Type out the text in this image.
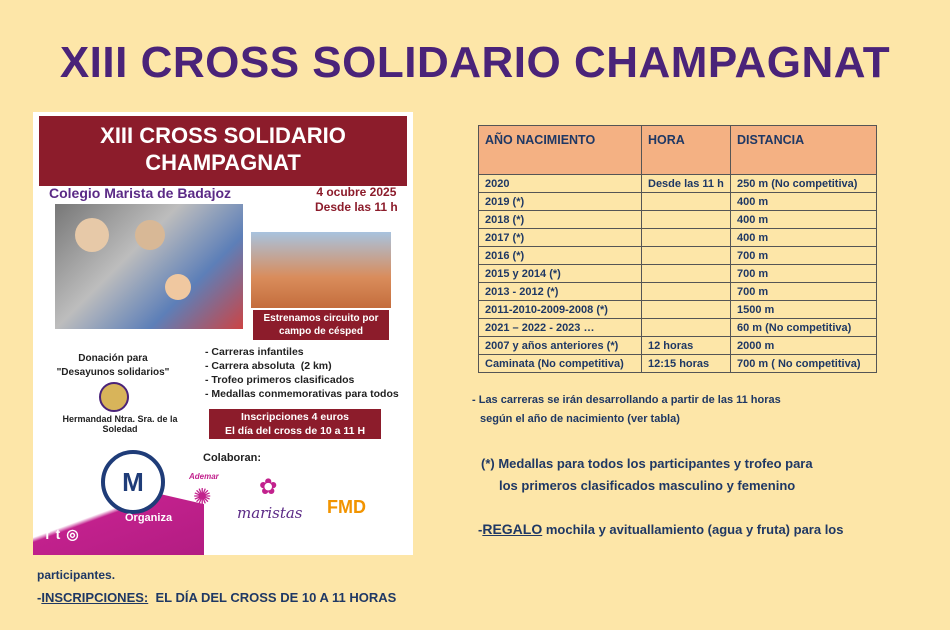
XIII CROSS SOLIDARIO CHAMPAGNAT
XIII CROSS SOLIDARIO
CHAMPAGNAT
Colegio Marista de Badajoz	4 ocubre 2025
Desde las 11 h
Estrenamos circuito por
campo de césped
Donación para
"Desayunos solidarios"
Hermandad Ntra. Sra. de la Soledad
- Carreras infantiles
- Carrera absoluta (2 km)
- Trofeo primeros clasificados
- Medallas conmemorativas para todos
Inscripciones 4 euros
El día del cross de 10 a 11 H
M
Colaboran:
Síguenos y
comparte:	Organiza
ft◎
Ademar
✺	✿
maristas FMD
AÑO NACIMIENTO	HORA	DISTANCIA
2020	Desde las 11 h	250 m (No competitiva)
2019 (*)		400 m
2018 (*)		400 m
2017 (*)		400 m
2016 (*)		700 m
2015 y 2014 (*)		700 m
2013 - 2012 (*)		700 m
2011-2010-2009-2008 (*)		1500 m
2021 – 2022 - 2023 …		60 m (No competitiva)
2007 y años anteriores (*)	12 horas	2000 m
Caminata (No competitiva)	12:15 horas	700 m ( No competitiva)
- Las carreras se irán desarrollando a partir de las 11 horas
según el año de nacimiento (ver tabla)
(*) Medallas para todos los participantes y trofeo para
los primeros clasificados masculino y femenino
-REGALO mochila y avituallamiento (agua y fruta) para los
participantes.
-INSCRIPCIONES:  EL DÍA DEL CROSS DE 10 A 11 HORAS
